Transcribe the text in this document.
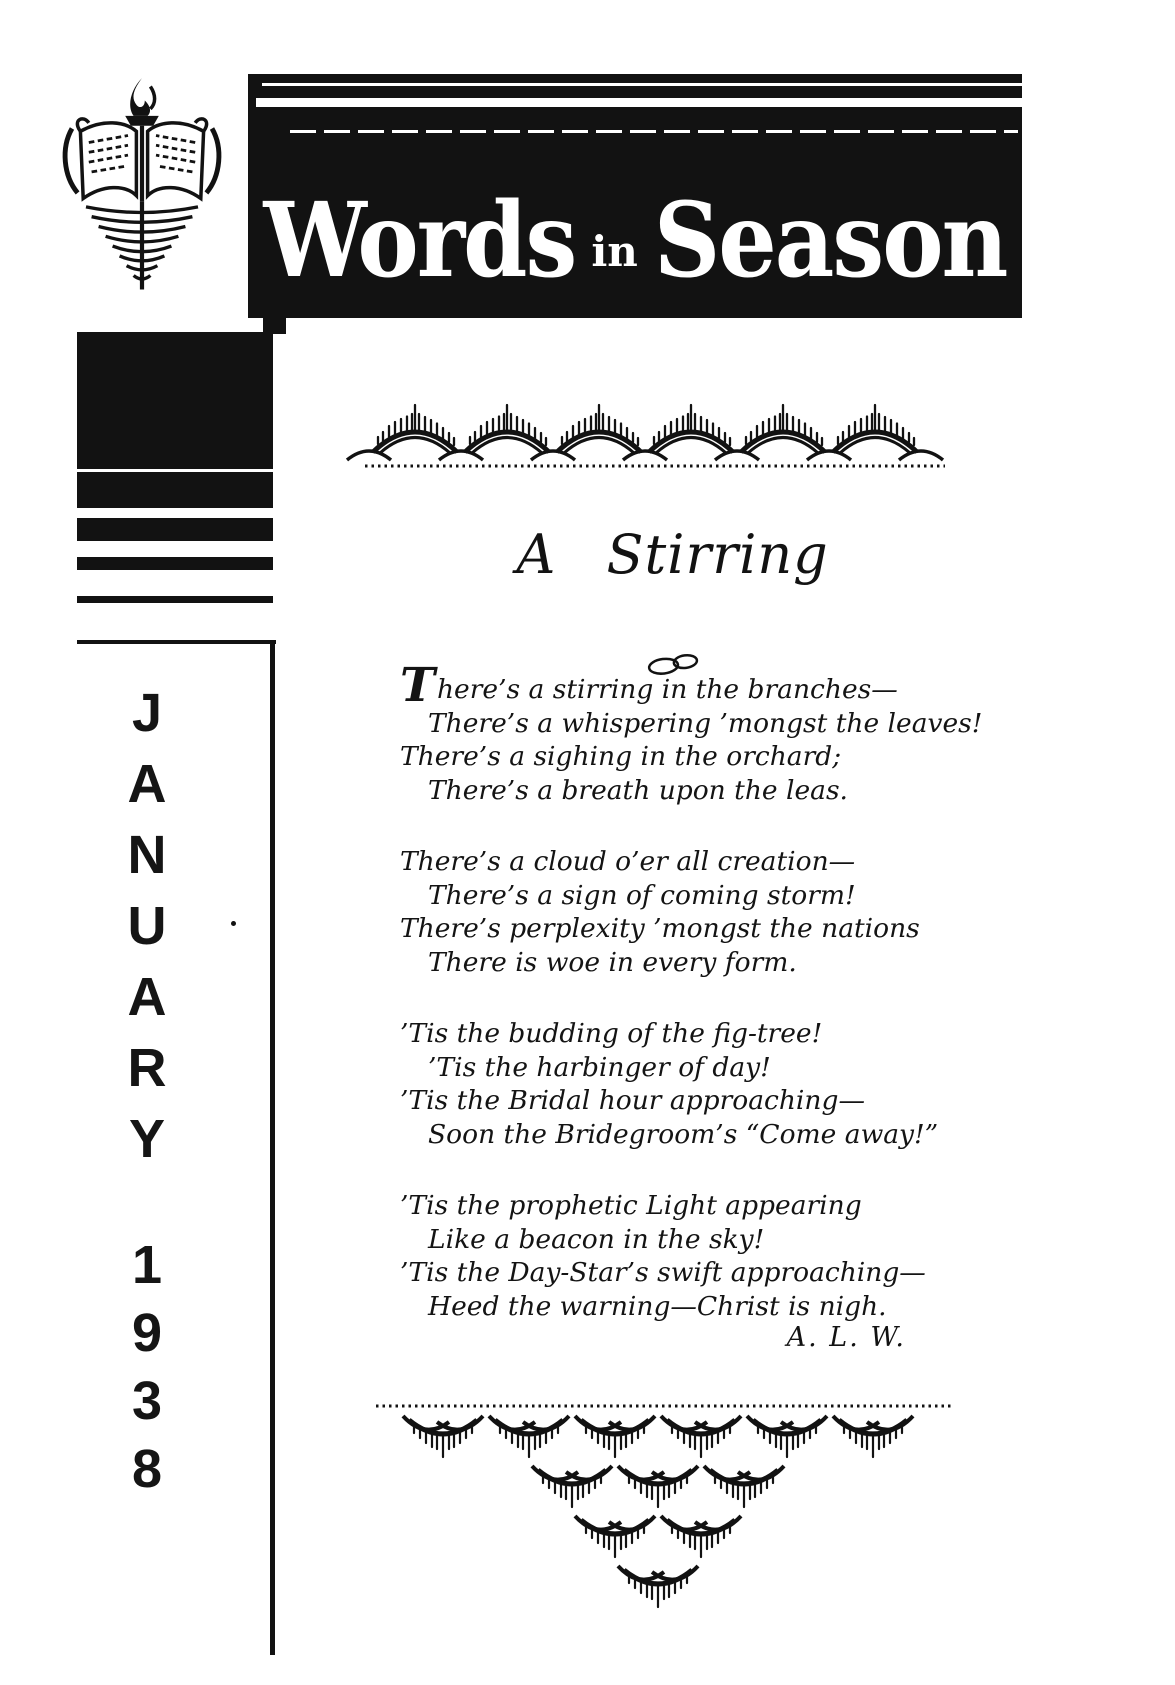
Words in Season
J
A
N
U
A
R
Y
1
9
3
8
A Stirring

There’s a stirring in the branches—

There’s a whispering ’mongst the leaves!

There’s a sighing in the orchard;

There’s a breath upon the leas.

There’s a cloud o’er all creation—

There’s a sign of coming storm!

There’s perplexity ’mongst the nations

There is woe in every form.

’Tis the budding of the fig-tree!

’Tis the harbinger of day!

’Tis the Bridal hour approaching—

Soon the Bridegroom’s “Come away!”

’Tis the prophetic Light appearing

Like a beacon in the sky!

’Tis the Day-Star’s swift approaching—

Heed the warning—Christ is nigh.

A. L. W.
